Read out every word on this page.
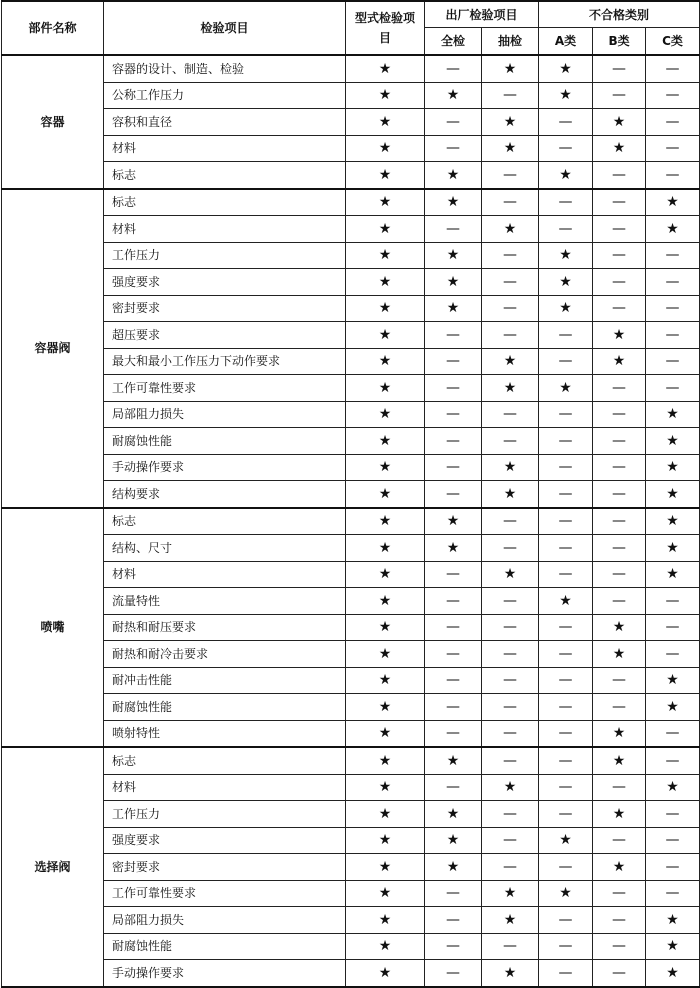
部件名称	检验项目	型式检验项目	出厂检验项目		不合格类别		
			全检	抽检	A类	B类	C类
容器	容器的设计、制造、检验	★	—	★	★	—	—
	公称工作压力	★	★	—	★	—	—
	容积和直径	★	—	★	—	★	—
	材料	★	—	★	—	★	—
	标志	★	★	—	★	—	—
容器阀	标志	★	★	—	—	—	★
	材料	★	—	★	—	—	★
	工作压力	★	★	—	★	—	—
	强度要求	★	★	—	★	—	—
	密封要求	★	★	—	★	—	—
	超压要求	★	—	—	—	★	—
	最大和最小工作压力下动作要求	★	—	★	—	★	—
	工作可靠性要求	★	—	★	★	—	—
	局部阻力损失	★	—	—	—	—	★
	耐腐蚀性能	★	—	—	—	—	★
	手动操作要求	★	—	★	—	—	★
	结构要求	★	—	★	—	—	★
喷嘴	标志	★	★	—	—	—	★
	结构、尺寸	★	★	—	—	—	★
	材料	★	—	★	—	—	★
	流量特性	★	—	—	★	—	—
	耐热和耐压要求	★	—	—	—	★	—
	耐热和耐冷击要求	★	—	—	—	★	—
	耐冲击性能	★	—	—	—	—	★
	耐腐蚀性能	★	—	—	—	—	★
	喷射特性	★	—	—	—	★	—
选择阀	标志	★	★	—	—	★	—
	材料	★	—	★	—	—	★
	工作压力	★	★	—	—	★	—
	强度要求	★	★	—	★	—	—
	密封要求	★	★	—	—	★	—
	工作可靠性要求	★	—	★	★	—	—
	局部阻力损失	★	—	★	—	—	★
	耐腐蚀性能	★	—	—	—	—	★
	手动操作要求	★	—	★	—	—	★
